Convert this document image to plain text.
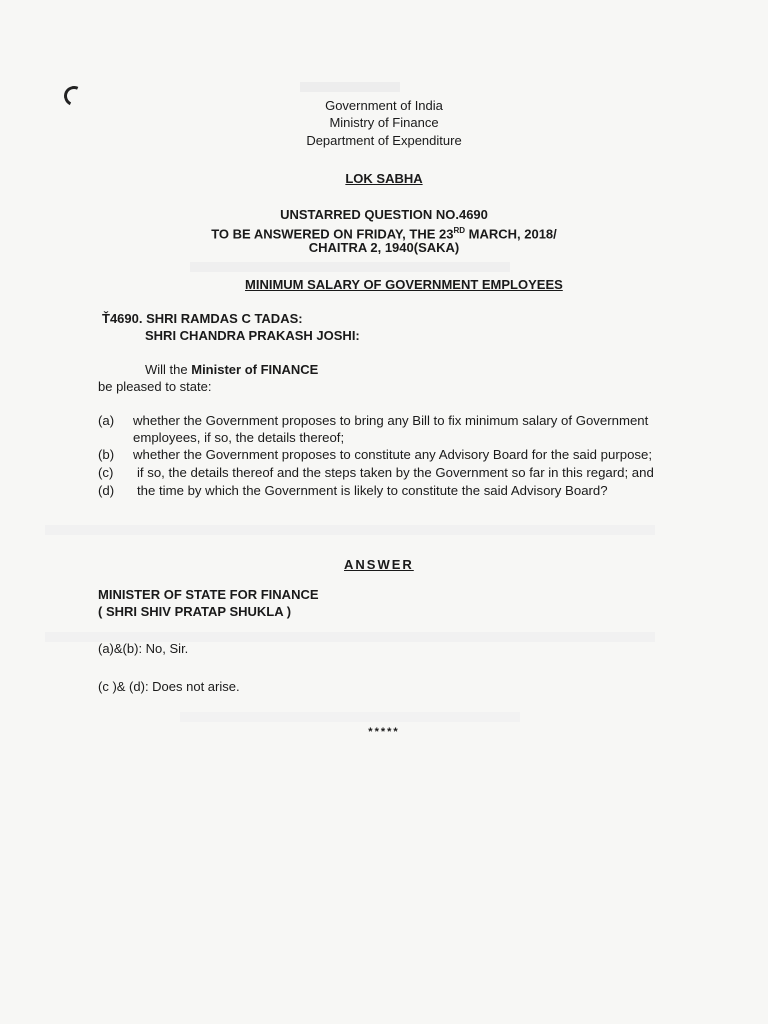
Government of India
Ministry of Finance
Department of Expenditure
LOK SABHA
UNSTARRED QUESTION NO.4690
TO BE ANSWERED ON FRIDAY, THE 23RD MARCH, 2018/
CHAITRA 2, 1940(SAKA)
MINIMUM SALARY OF GOVERNMENT EMPLOYEES
Ť4690. SHRI RAMDAS C TADAS:
SHRI CHANDRA PRAKASH JOSHI:
Will the Minister of FINANCE
be pleased to state:
(a) whether the Government proposes to bring any Bill to fix minimum salary of Government
employees, if so, the details thereof;
(b) whether the Government proposes to constitute any Advisory Board for the said purpose;
(c) if so, the details thereof and the steps taken by the Government so far in this regard; and
(d) the time by which the Government is likely to constitute the said Advisory Board?
ANSWER
MINISTER OF STATE FOR FINANCE
( SHRI SHIV PRATAP SHUKLA )
(a)&(b): No, Sir.
(c )& (d): Does not arise.
*****
